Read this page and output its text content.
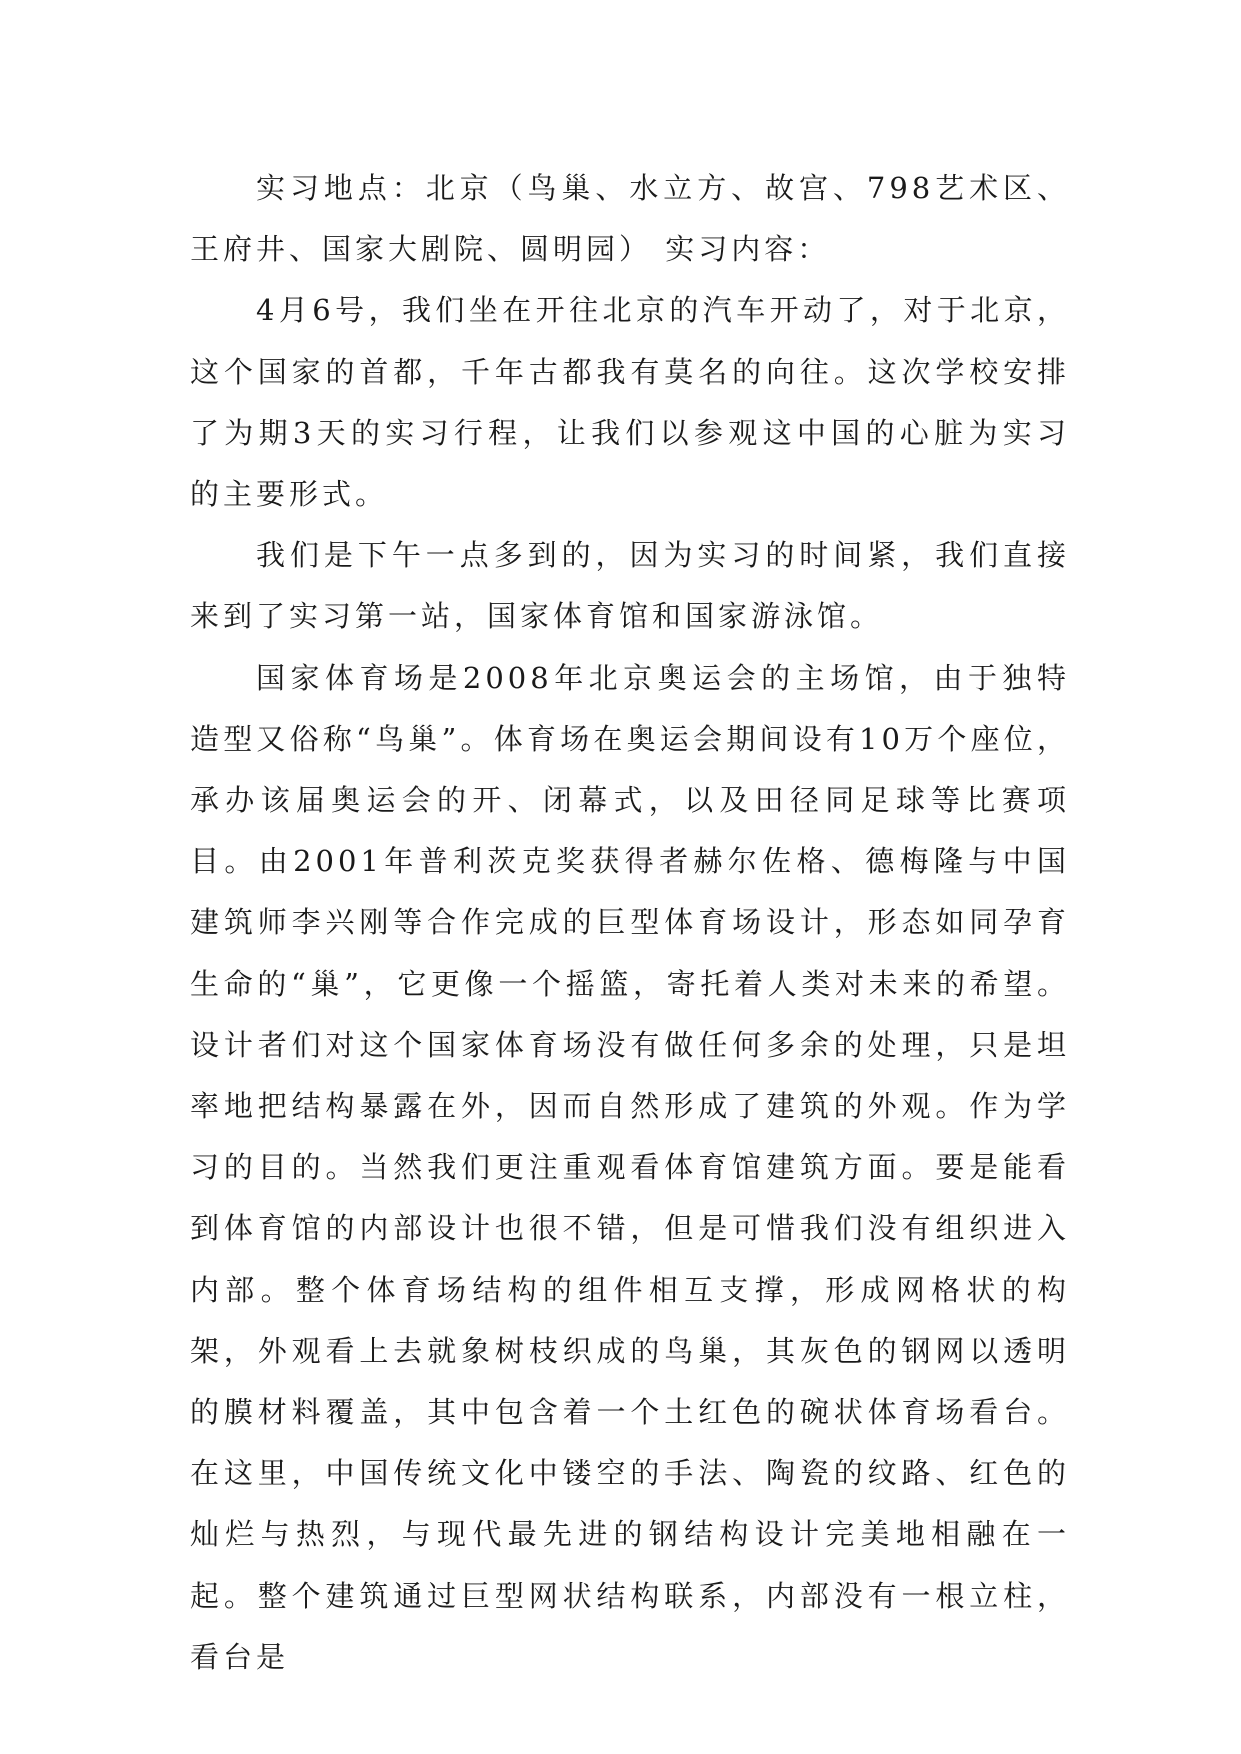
实习地点：北京（鸟巢、水立方、故宫、798艺术区、王府井、国家大剧院、圆明园） 实习内容：

4月6号，我们坐在开往北京的汽车开动了，对于北京，这个国家的首都，千年古都我有莫名的向往。这次学校安排了为期3天的实习行程，让我们以参观这中国的心脏为实习的主要形式。

我们是下午一点多到的，因为实习的时间紧，我们直接来到了实习第一站，国家体育馆和国家游泳馆。

国家体育场是2008年北京奥运会的主场馆，由于独特造型又俗称“鸟巢”。体育场在奥运会期间设有10万个座位，承办该届奥运会的开、闭幕式，以及田径同足球等比赛项目。由2001年普利茨克奖获得者赫尔佐格、德梅隆与中国建筑师李兴刚等合作完成的巨型体育场设计，形态如同孕育生命的“巢”，它更像一个摇篮，寄托着人类对未来的希望。设计者们对这个国家体育场没有做任何多余的处理，只是坦率地把结构暴露在外，因而自然形成了建筑的外观。作为学习的目的。当然我们更注重观看体育馆建筑方面。要是能看到体育馆的内部设计也很不错，但是可惜我们没有组织进入内部。整个体育场结构的组件相互支撑，形成网格状的构架，外观看上去就象树枝织成的鸟巢，其灰色的钢网以透明的膜材料覆盖，其中包含着一个土红色的碗状体育场看台。在这里，中国传统文化中镂空的手法、陶瓷的纹路、红色的灿烂与热烈，与现代最先进的钢结构设计完美地相融在一起。整个建筑通过巨型网状结构联系，内部没有一根立柱，看台是
